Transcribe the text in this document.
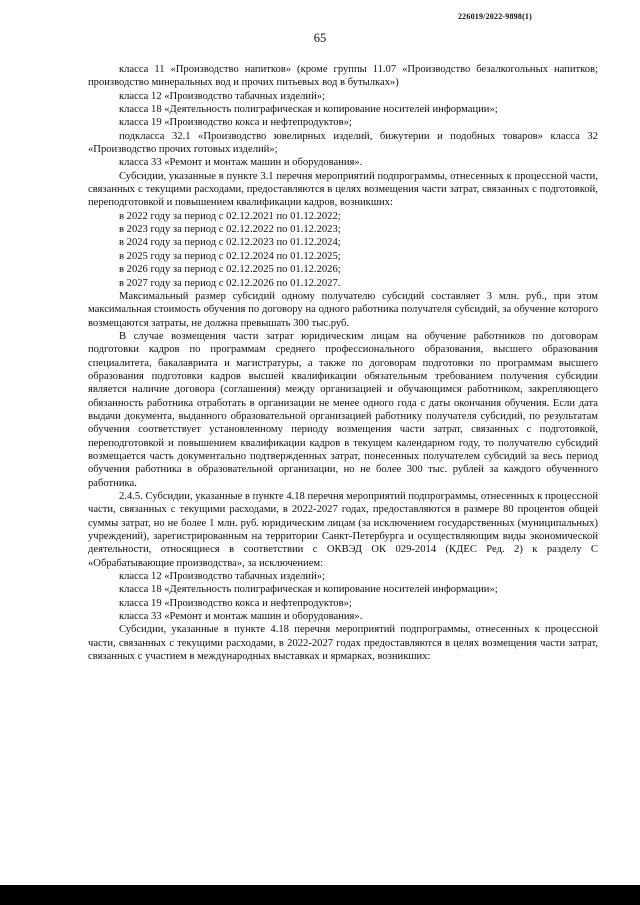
226019/2022-9898(1)
65

класса 11 «Производство напитков» (кроме группы 11.07 «Производство безалкогольных напитков; производство минеральных вод и прочих питьевых вод в бутылках»)

класса 12 «Производство табачных изделий»;

класса 18 «Деятельность полиграфическая и копирование носителей информации»;

класса 19 «Производство кокса и нефтепродуктов»;

подкласса 32.1 «Производство ювелирных изделий, бижутерии и подобных товаров» класса 32 «Производство прочих готовых изделий»;

класса 33 «Ремонт и монтаж машин и оборудования».

Субсидии, указанные в пункте 3.1 перечня мероприятий подпрограммы, отнесенных к процессной части, связанных с текущими расходами, предоставляются в целях возмещения части затрат, связанных с подготовкой, переподготовкой и повышением квалификации кадров, возникших:

в 2022 году за период с 02.12.2021 по 01.12.2022;

в 2023 году за период с 02.12.2022 по 01.12.2023;

в 2024 году за период с 02.12.2023 по 01.12.2024;

в 2025 году за период с 02.12.2024 по 01.12.2025;

в 2026 году за период с 02.12.2025 по 01.12.2026;

в 2027 году за период с 02.12.2026 по 01.12.2027.

Максимальный размер субсидий одному получателю субсидий составляет 3 млн. руб., при этом максимальная стоимость обучения по договору на одного работника получателя субсидий, за обучение которого возмещаются затраты, не должна превышать 300 тыс.руб.

В случае возмещения части затрат юридическим лицам на обучение работников по договорам подготовки кадров по программам среднего профессионального образования, высшего образования специалитета, бакалавриата и магистратуры, а также по договорам подготовки по программам высшего образования подготовки кадров высшей квалификации обязательным требованием получения субсидии является наличие договора (соглашения) между организацией и обучающимся работником, закрепляющего обязанность работника отработать в организации не менее одного года с даты окончания обучения. Если дата выдачи документа, выданного образовательной организацией работнику получателя субсидий, по результатам обучения соответствует установленному периоду возмещения части затрат, связанных с подготовкой, переподготовкой и повышением квалификации кадров в текущем календарном году, то получателю субсидий возмещается часть документально подтвержденных затрат, понесенных получателем субсидий за весь период обучения работника в образовательной организации, но не более 300 тыс. рублей за каждого обученного работника.

2.4.5. Субсидии, указанные в пункте 4.18 перечня мероприятий подпрограммы, отнесенных к процессной части, связанных с текущими расходами, в 2022-2027 годах, предоставляются в размере 80 процентов общей суммы затрат, но не более 1 млн. руб. юридическим лицам (за исключением государственных (муниципальных) учреждений), зарегистрированным на территории Санкт-Петербурга и осуществляющим виды экономической деятельности, относящиеся в соответствии с ОКВЭД ОК 029-2014 (КДЕС Ред. 2) к разделу С «Обрабатывающие производства», за исключением:

класса 12 «Производство табачных изделий»;

класса 18 «Деятельность полиграфическая и копирование носителей информации»;

класса 19 «Производство кокса и нефтепродуктов»;

класса 33 «Ремонт и монтаж машин и оборудования».

Субсидии, указанные в пункте 4.18 перечня мероприятий подпрограммы, отнесенных к процессной части, связанных с текущими расходами, в 2022-2027 годах предоставляются в целях возмещения части затрат, связанных с участием в международных выставках и ярмарках, возникших:
